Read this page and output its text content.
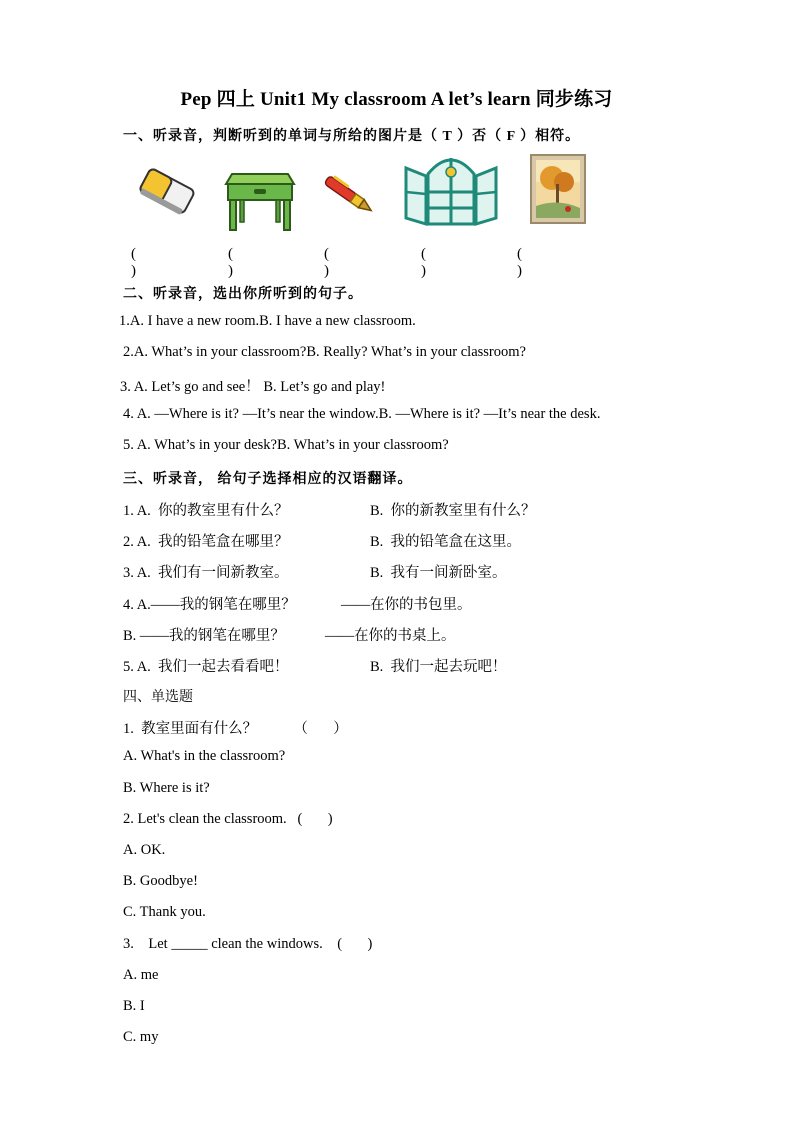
Pep 四上 Unit1 My classroom A let’s learn 同步练习
一、听录音，判断听到的单词与所给的图片是（ T ）否（ F ）相符。
( )
( )
( )
( )
( )
二、听录音，选出你所听到的句子。
1.A. I have a new room.B. I have a new classroom.
2.A. What’s in your classroom?B. Really? What’s in your classroom?
3. A. Let’s go and see！ B. Let’s go and play!
4. A. —Where is it? —It’s near the window.B. —Where is it? —It’s near the desk.
5. A. What’s in your desk?B. What’s in your classroom?
三、听录音， 给句子选择相应的汉语翻译。
1. A.  你的教室里有什么？	B.  你的新教室里有什么？
2. A.  我的铅笔盒在哪里？	B.  我的铅笔盒在这里。
3. A.  我们有一间新教室。	B.  我有一间新卧室。
4. A.——我的钢笔在哪里？	——在你的书包里。
B. ——我的钢笔在哪里？	——在你的书桌上。
5. A.  我们一起去看看吧！	B.  我们一起去玩吧！
四、单选题
1.  教室里面有什么？          （       ）
A. What's in the classroom?
B. Where is it?
2. Let's clean the classroom.   (       )
A. OK.
B. Goodbye!
C. Thank you.
3.    Let _____ clean the windows.    (       )
A. me
B. I
C. my
